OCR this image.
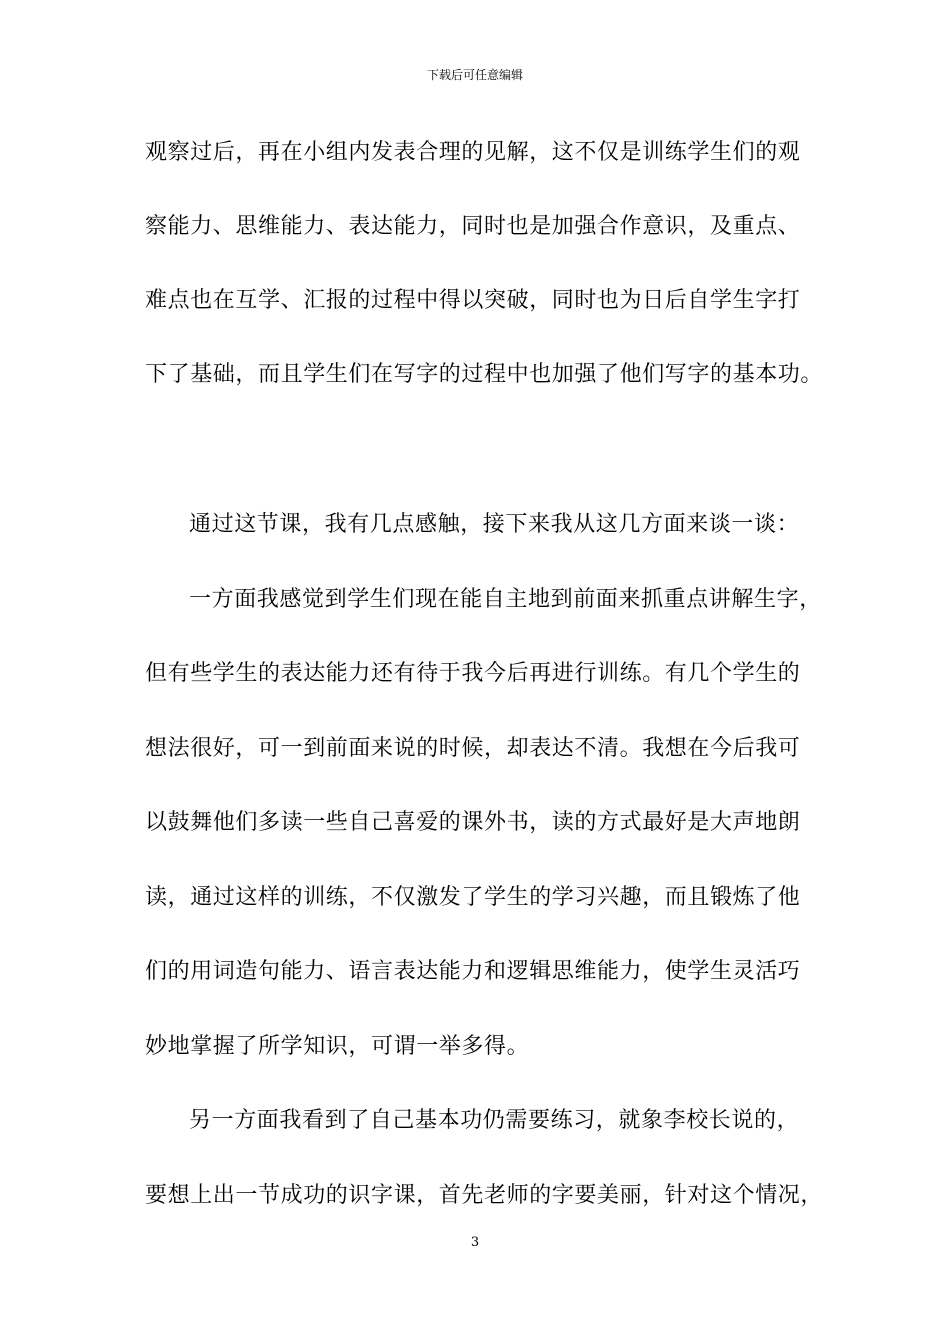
下载后可任意编辑
观察过后，再在小组内发表合理的见解，这不仅是训练学生们的观
察能力、思维能力、表达能力，同时也是加强合作意识，及重点、
难点也在互学、汇报的过程中得以突破，同时也为日后自学生字打
下了基础，而且学生们在写字的过程中也加强了他们写字的基本功。
通过这节课，我有几点感触，接下来我从这几方面来谈一谈：
一方面我感觉到学生们现在能自主地到前面来抓重点讲解生字，
但有些学生的表达能力还有待于我今后再进行训练。有几个学生的
想法很好，可一到前面来说的时候，却表达不清。我想在今后我可
以鼓舞他们多读一些自己喜爱的课外书，读的方式最好是大声地朗
读，通过这样的训练，不仅激发了学生的学习兴趣，而且锻炼了他
们的用词造句能力、语言表达能力和逻辑思维能力，使学生灵活巧
妙地掌握了所学知识，可谓一举多得。
另一方面我看到了自己基本功仍需要练习，就象李校长说的，
要想上出一节成功的识字课，首先老师的字要美丽，针对这个情况，
3
